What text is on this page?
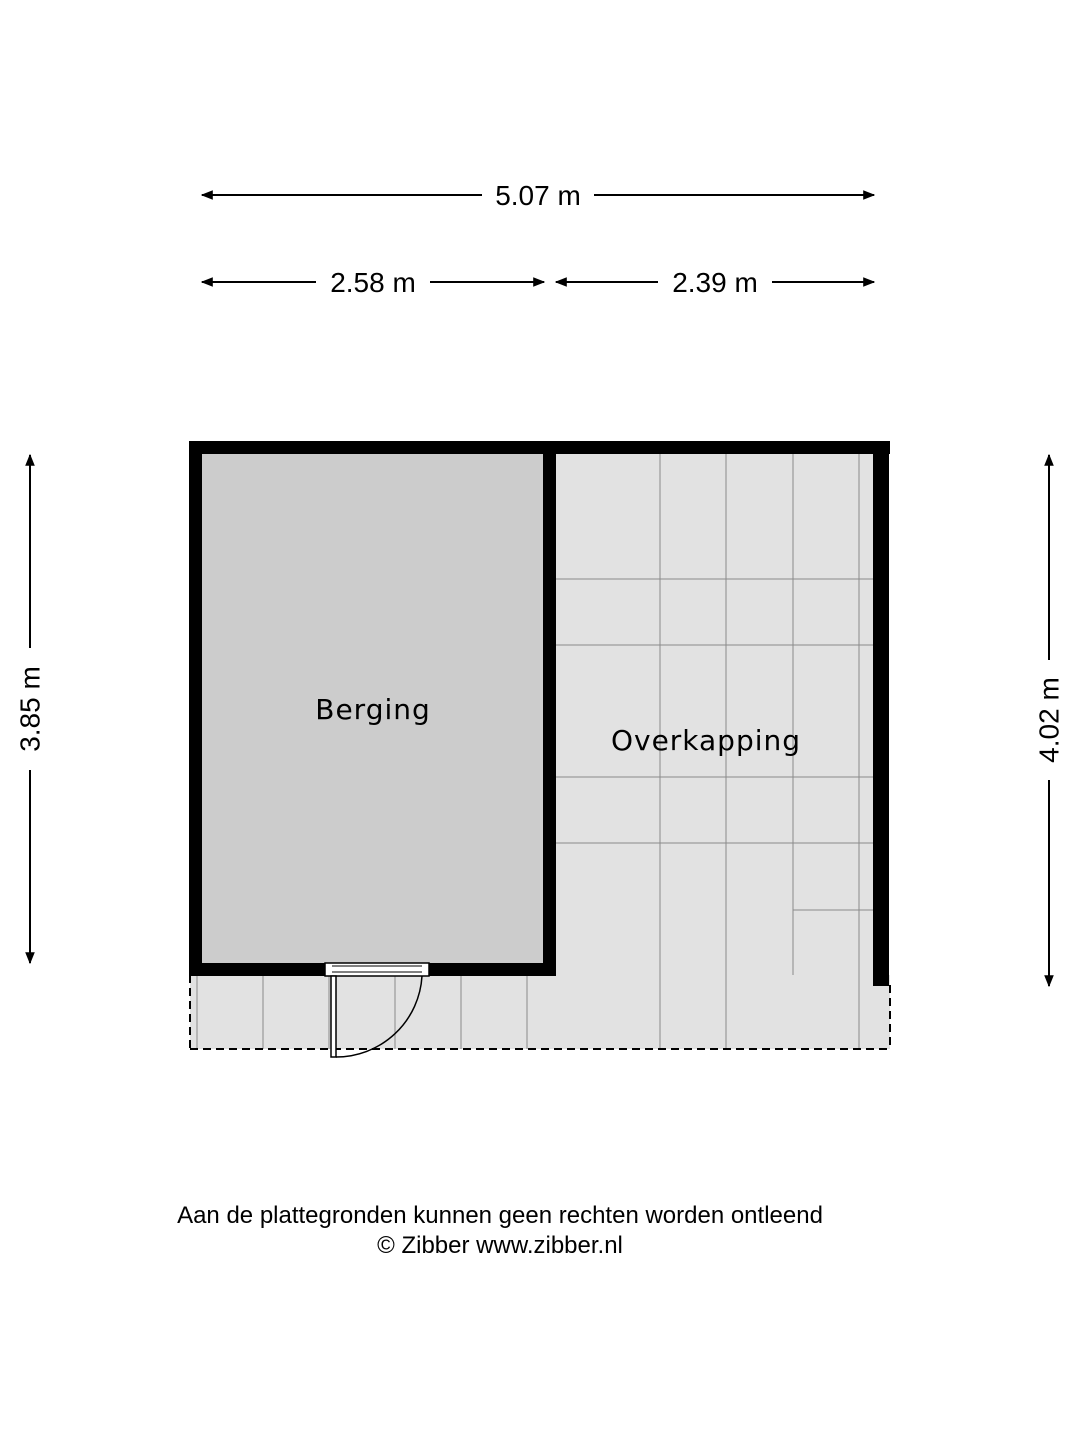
5.07 m
2.58 m	2.39 m
3.85 m	4.02 m
Berging
Overkapping
Aan de plattegronden kunnen geen rechten worden ontleend
© Zibber www.zibber.nl
